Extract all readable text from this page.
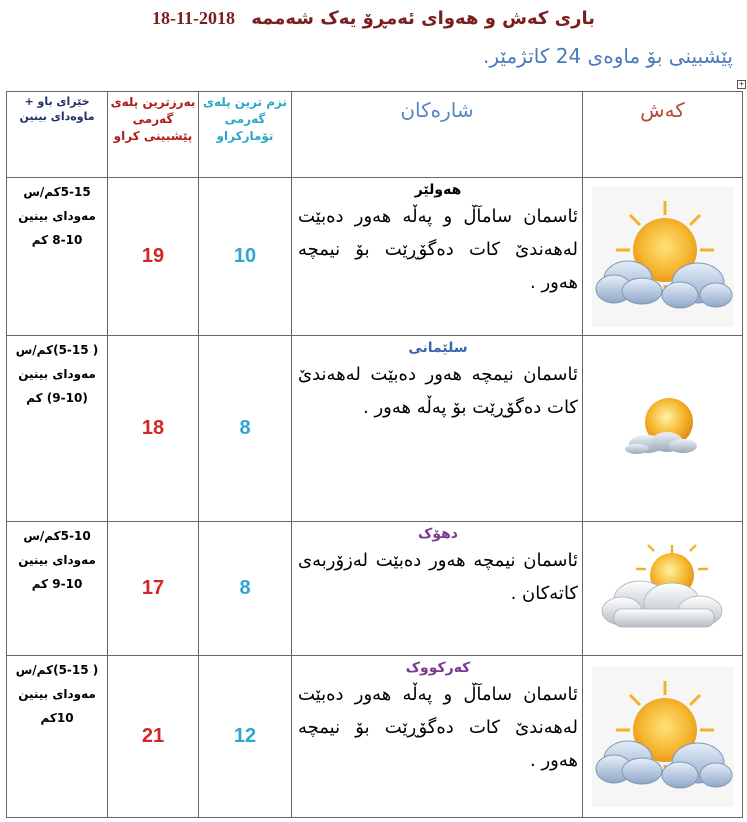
باری کەش و هەوای ئەمڕۆ یەک شەممە 2018-11-18
پێشبینی بۆ ماوەی 24 کاتژمێر.
+
خێرای باو + ماوەدای بینین	بەرزترین پلەی گەرمی پێشبینی کراو	نزم ترین پلەی گەرمی تۆمارکراو	شارەکان	کەش
5-15کم/س مەودای بینین 10-8 کم	19	10	هەولێر
ئاسمان سامآڵ و پەڵە هەور دەبێت لەهەندێ کات دەگۆڕێت بۆ نیمچە هەور .

( 5-15)کم/س مەودای بینین (10-9) کم	18	8	سلێمانی
ئاسمان نیمچە هەور دەبێت لەهەندێ کات دەگۆڕێت بۆ پەڵە هەور .

5-10کم/س مەودای بینین 10-9 کم	17	8	دهۆک
ئاسمان نیمچە هەور دەبێت لەزۆربەی کاتەکان .

( 5-15)کم/س مەودای بینین 10کم	21	12	کەرکووک
ئاسمان سامآڵ و پەڵە هەور دەبێت لەهەندێ کات دەگۆڕێت بۆ نیمچە هەور .
